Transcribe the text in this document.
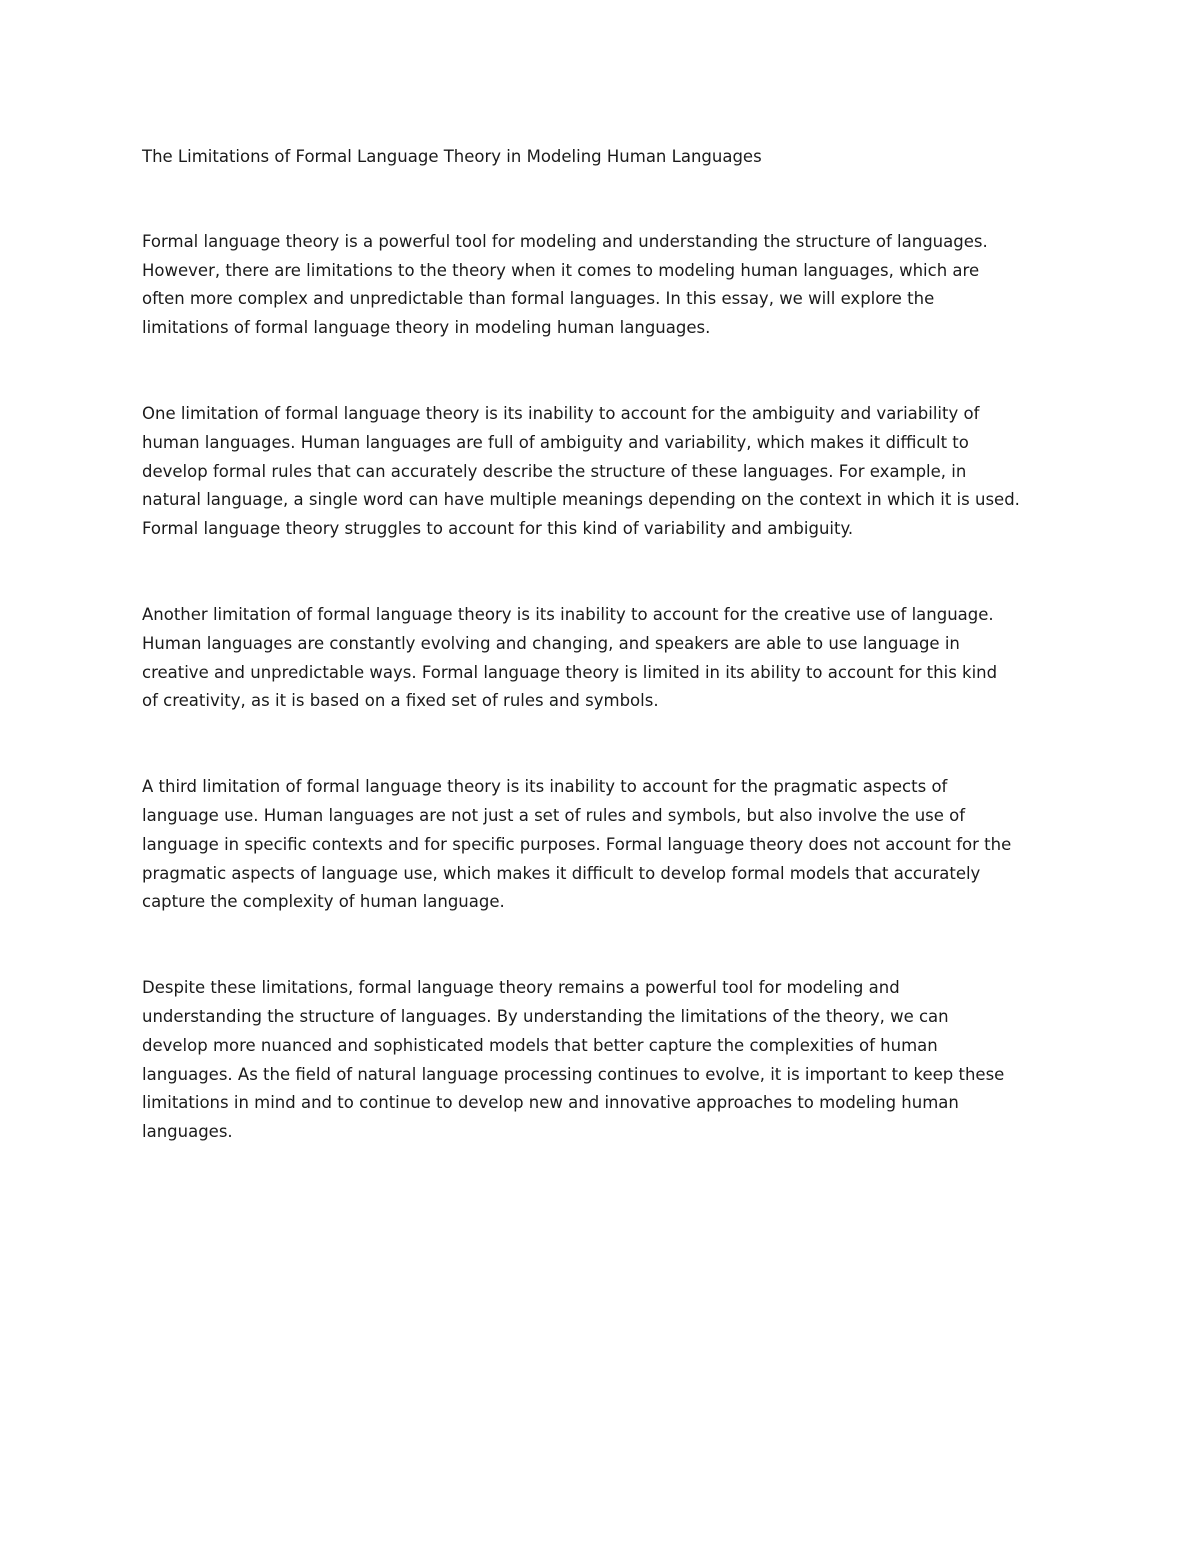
The Limitations of Formal Language Theory in Modeling Human Languages

Formal language theory is a powerful tool for modeling and understanding the structure of languages.
However, there are limitations to the theory when it comes to modeling human languages, which are
often more complex and unpredictable than formal languages. In this essay, we will explore the
limitations of formal language theory in modeling human languages.

One limitation of formal language theory is its inability to account for the ambiguity and variability of
human languages. Human languages are full of ambiguity and variability, which makes it difficult to
develop formal rules that can accurately describe the structure of these languages. For example, in
natural language, a single word can have multiple meanings depending on the context in which it is used.
Formal language theory struggles to account for this kind of variability and ambiguity.

Another limitation of formal language theory is its inability to account for the creative use of language.
Human languages are constantly evolving and changing, and speakers are able to use language in
creative and unpredictable ways. Formal language theory is limited in its ability to account for this kind
of creativity, as it is based on a fixed set of rules and symbols.

A third limitation of formal language theory is its inability to account for the pragmatic aspects of
language use. Human languages are not just a set of rules and symbols, but also involve the use of
language in specific contexts and for specific purposes. Formal language theory does not account for the
pragmatic aspects of language use, which makes it difficult to develop formal models that accurately
capture the complexity of human language.

Despite these limitations, formal language theory remains a powerful tool for modeling and
understanding the structure of languages. By understanding the limitations of the theory, we can
develop more nuanced and sophisticated models that better capture the complexities of human
languages. As the field of natural language processing continues to evolve, it is important to keep these
limitations in mind and to continue to develop new and innovative approaches to modeling human
languages.
